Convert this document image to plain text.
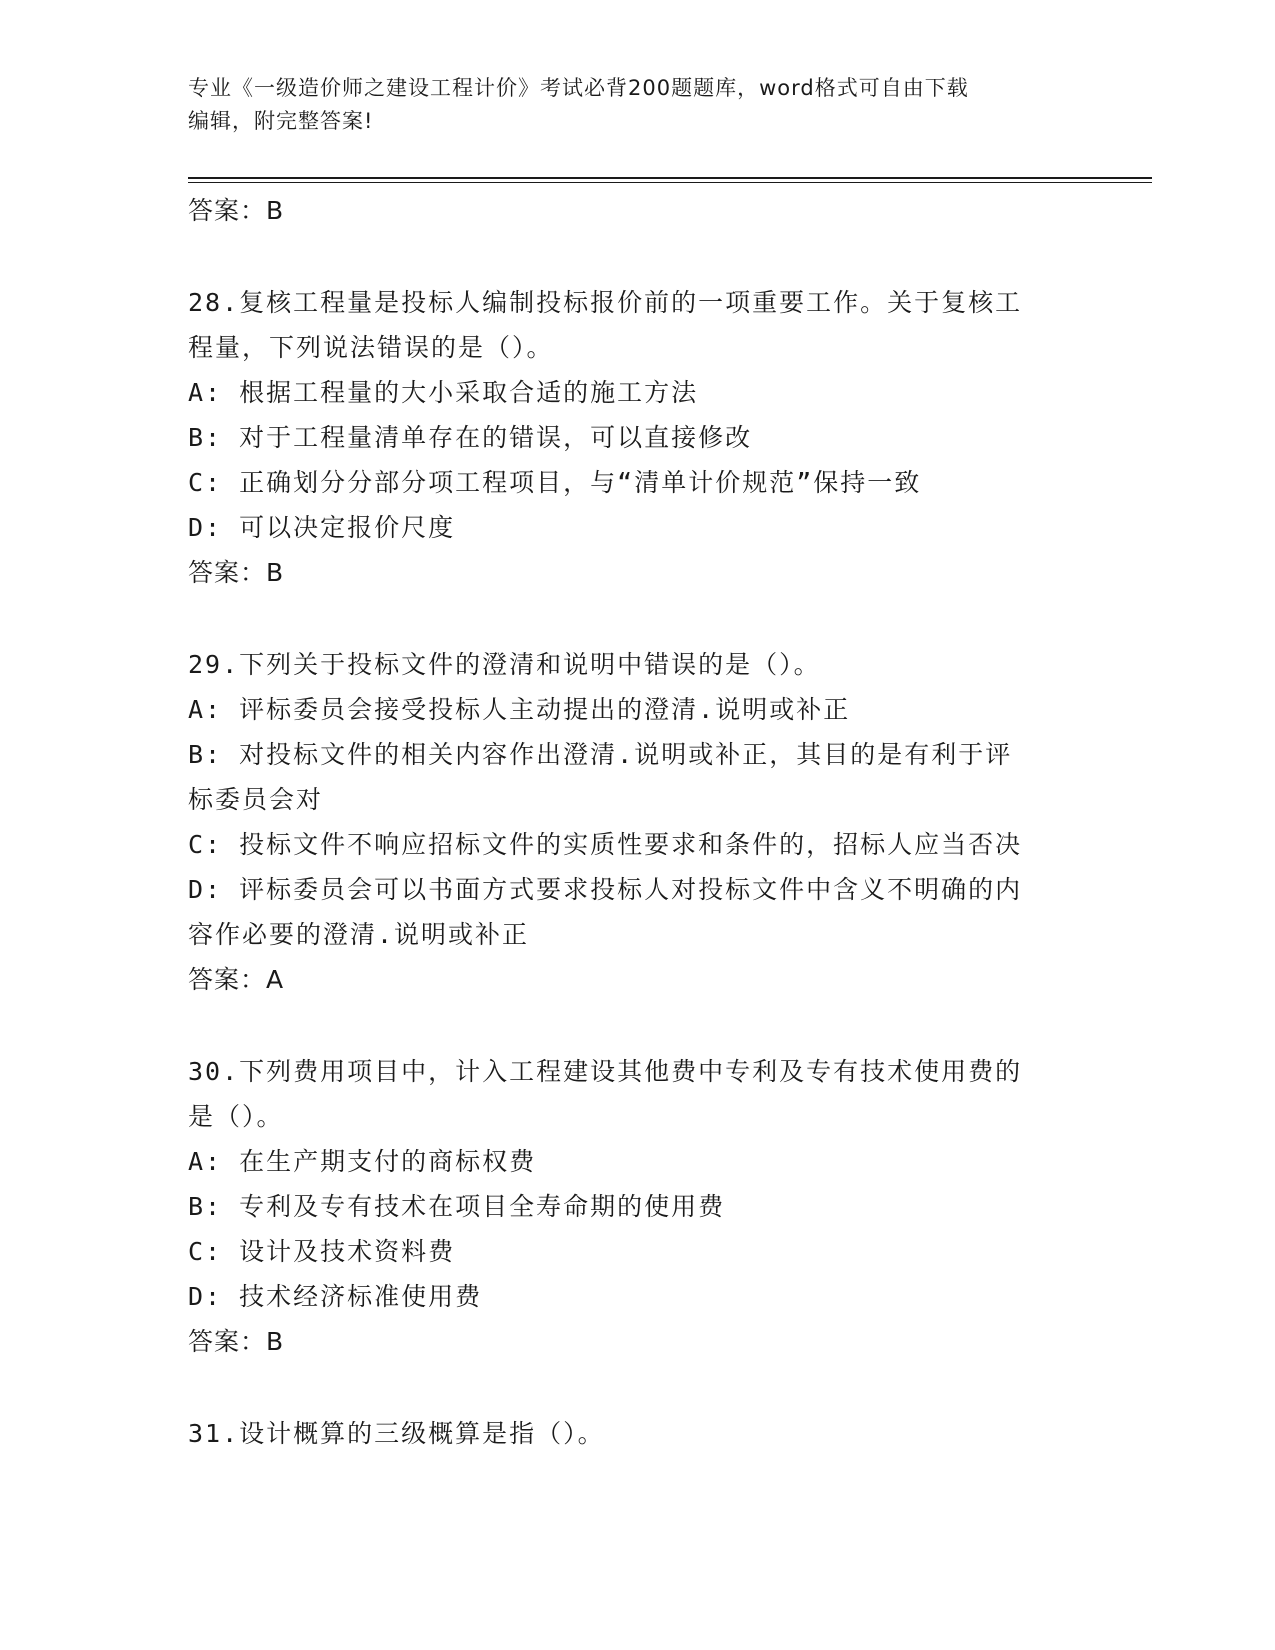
专业《一级造价师之建设工程计价》考试必背200题题库，word格式可自由下载
编辑，附完整答案!

答案：B

28.复核工程量是投标人编制投标报价前的一项重要工作。关于复核工

程量，下列说法错误的是（）。

A: 根据工程量的大小采取合适的施工方法

B: 对于工程量清单存在的错误，可以直接修改

C: 正确划分分部分项工程项目，与“清单计价规范”保持一致

D: 可以决定报价尺度

答案：B

29.下列关于投标文件的澄清和说明中错误的是（）。

A: 评标委员会接受投标人主动提出的澄清.说明或补正

B: 对投标文件的相关内容作出澄清.说明或补正，其目的是有利于评

标委员会对

C: 投标文件不响应招标文件的实质性要求和条件的，招标人应当否决

D: 评标委员会可以书面方式要求投标人对投标文件中含义不明确的内

容作必要的澄清.说明或补正

答案：A

30.下列费用项目中，计入工程建设其他费中专利及专有技术使用费的

是（）。

A: 在生产期支付的商标权费

B: 专利及专有技术在项目全寿命期的使用费

C: 设计及技术资料费

D: 技术经济标准使用费

答案：B

31.设计概算的三级概算是指（）。
